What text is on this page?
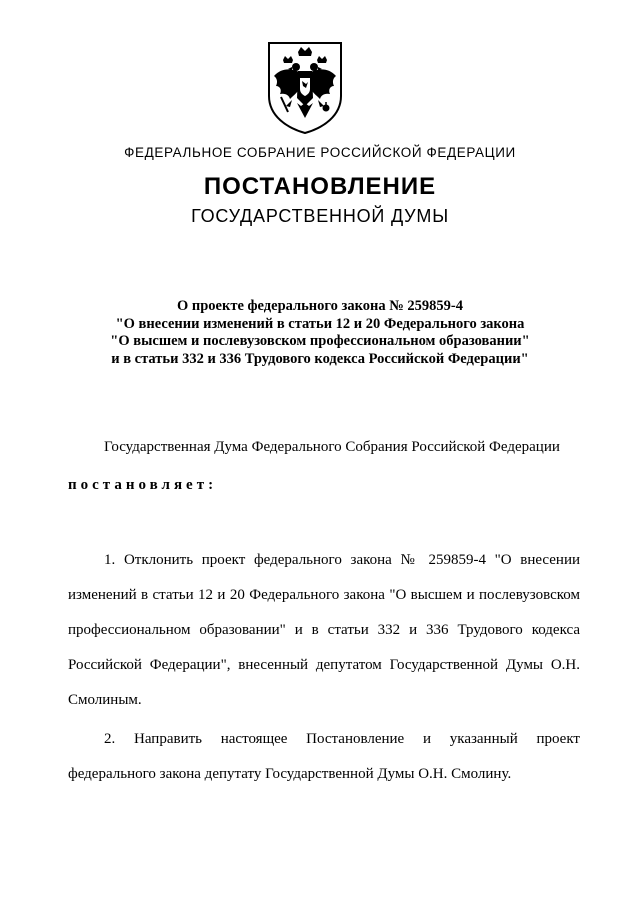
ФЕДЕРАЛЬНОЕ СОБРАНИЕ РОССИЙСКОЙ ФЕДЕРАЦИИ
ПОСТАНОВЛЕНИЕ
ГОСУДАРСТВЕННОЙ ДУМЫ
О проекте федерального закона № 259859-4
"О внесении изменений в статьи 12 и 20 Федерального закона
"О высшем и послевузовском профессиональном образовании"
и в статьи 332 и 336 Трудового кодекса Российской Федерации"
Государственная Дума Федерального Собрания Российской Федерации
постановляет:
1. Отклонить проект федерального закона № 259859-4 "О внесении изменений в статьи 12 и 20 Федерального закона "О высшем и послевузовском профессиональном образовании" и в статьи 332 и 336 Трудового кодекса Российской Федерации", внесенный депутатом Государственной Думы О.Н. Смолиным.
2. Направить настоящее Постановление и указанный проект федерального закона депутату Государственной Думы О.Н. Смолину.
